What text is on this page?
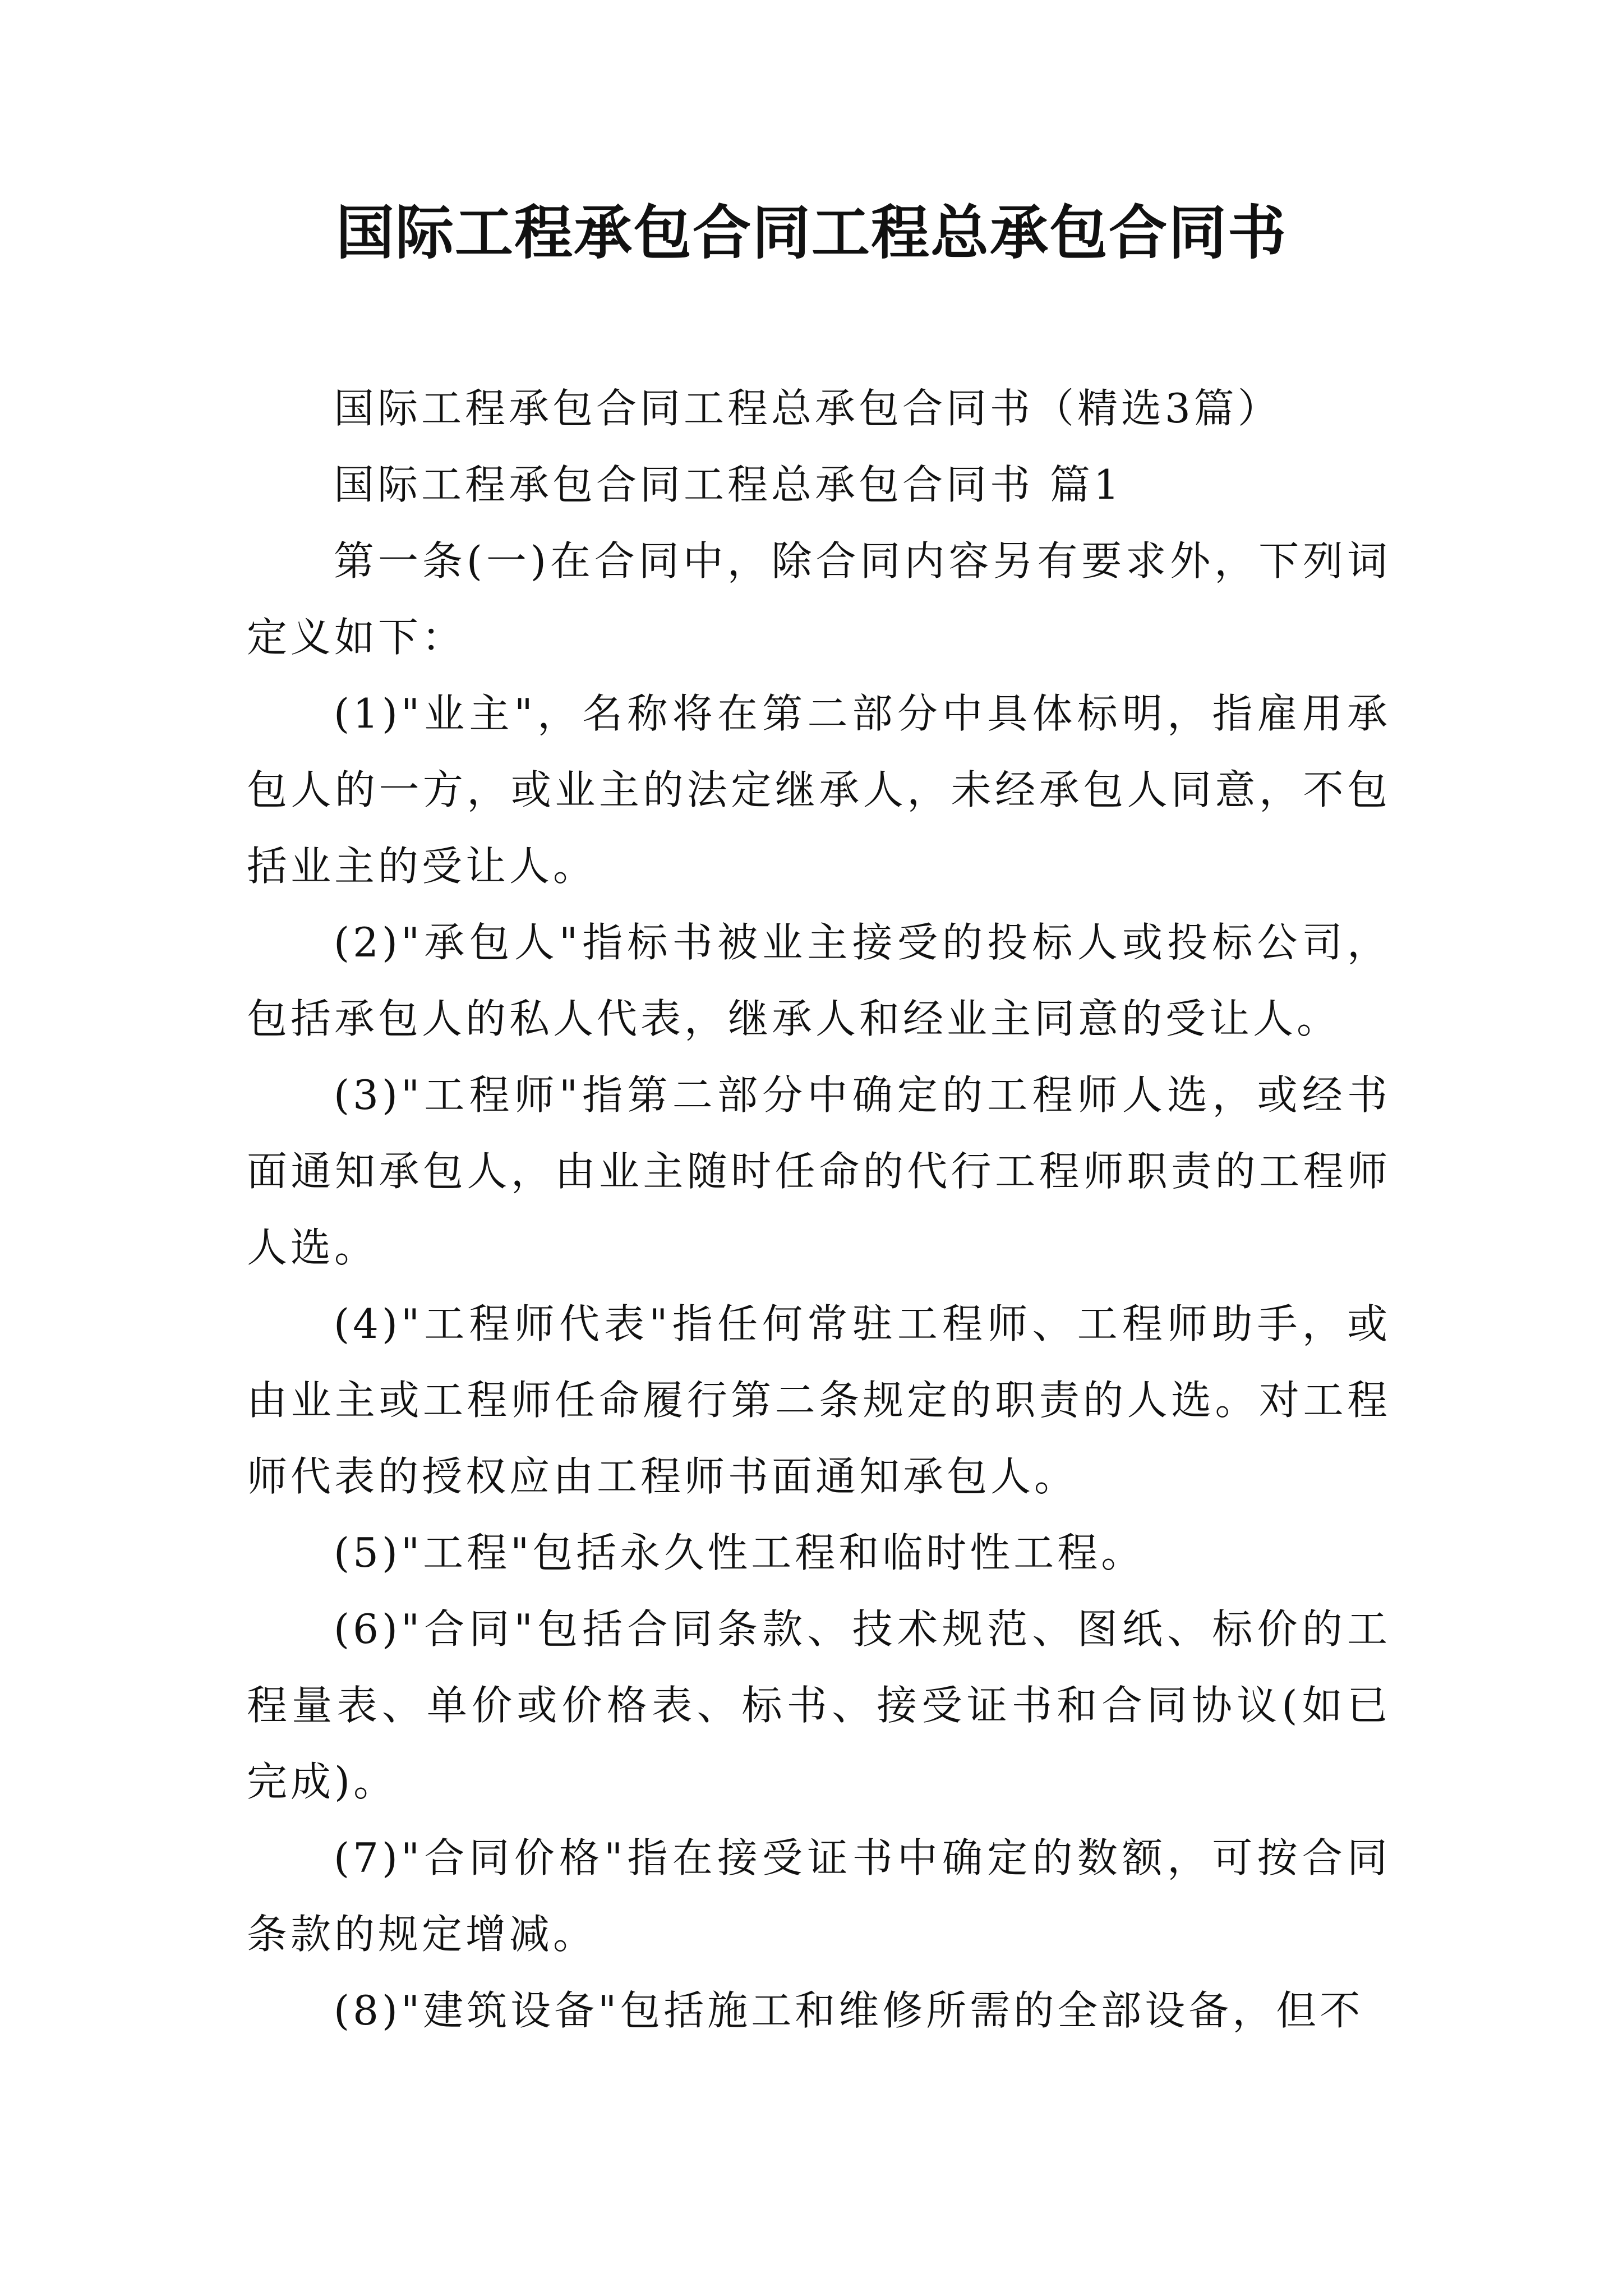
国际工程承包合同工程总承包合同书

国际工程承包合同工程总承包合同书（精选3篇）

国际工程承包合同工程总承包合同书 篇1

第一条(一)在合同中，除合同内容另有要求外，下列词定义如下：

(1)"业主"，名称将在第二部分中具体标明，指雇用承包人的一方，或业主的法定继承人，未经承包人同意，不包括业主的受让人。

(2)"承包人"指标书被业主接受的投标人或投标公司，包括承包人的私人代表，继承人和经业主同意的受让人。

(3)"工程师"指第二部分中确定的工程师人选，或经书面通知承包人，由业主随时任命的代行工程师职责的工程师人选。

(4)"工程师代表"指任何常驻工程师、工程师助手，或由业主或工程师任命履行第二条规定的职责的人选。对工程师代表的授权应由工程师书面通知承包人。

(5)"工程"包括永久性工程和临时性工程。

(6)"合同"包括合同条款、技术规范、图纸、标价的工程量表、单价或价格表、标书、接受证书和合同协议(如已完成)。

(7)"合同价格"指在接受证书中确定的数额，可按合同条款的规定增减。

(8)"建筑设备"包括施工和维修所需的全部设备，但不
